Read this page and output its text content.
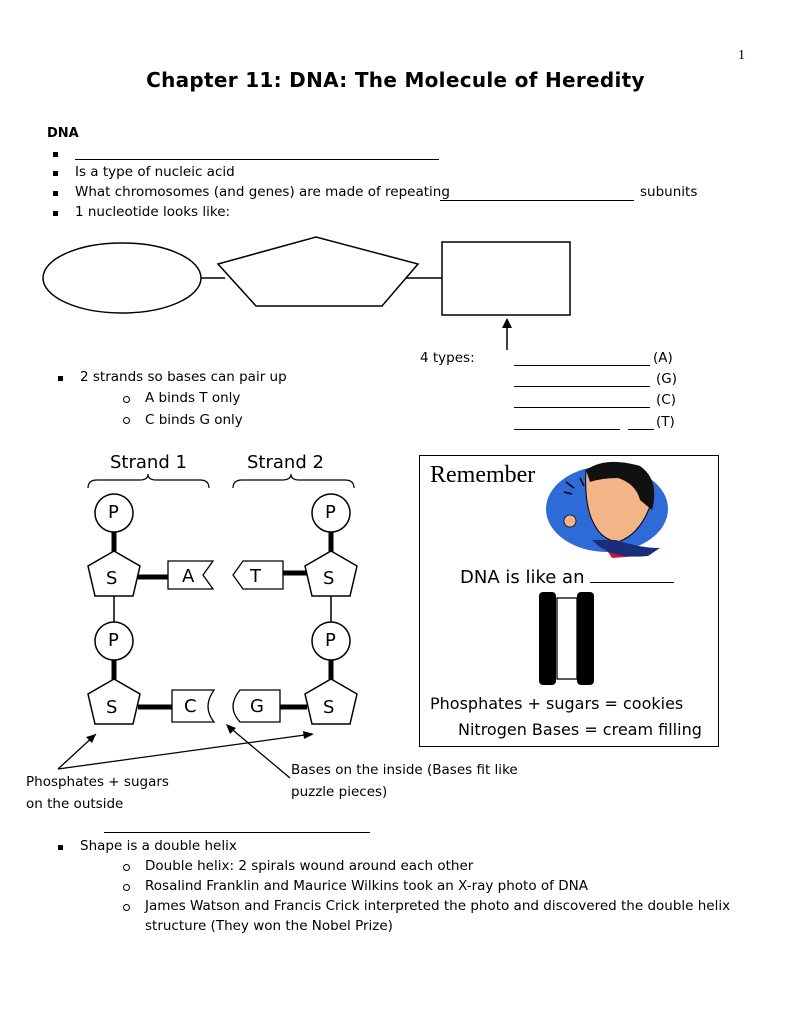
1
Chapter 11: DNA: The Molecule of Heredity
DNA
Is a type of nucleic acid
What chromosomes (and genes) are made of repeating	subunits
1 nucleotide looks like:
4 types:	(A)
(G)
(C)
(T)
2 strands so bases can pair up
A binds T only
C binds G only
Strand 1	Strand 2
P
S
P
S
P
S
P
S
A	T
C	G
Phosphates + sugars
on the outside
Bases on the inside (Bases fit like
puzzle pieces)
Remember
DNA is like an
Phosphates + sugars = cookies
Nitrogen Bases = cream filling
Shape is a double helix
Double helix: 2 spirals wound around each other
Rosalind Franklin and Maurice Wilkins took an X-ray photo of DNA
James Watson and Francis Crick interpreted the photo and discovered the double helix
structure (They won the Nobel Prize)
